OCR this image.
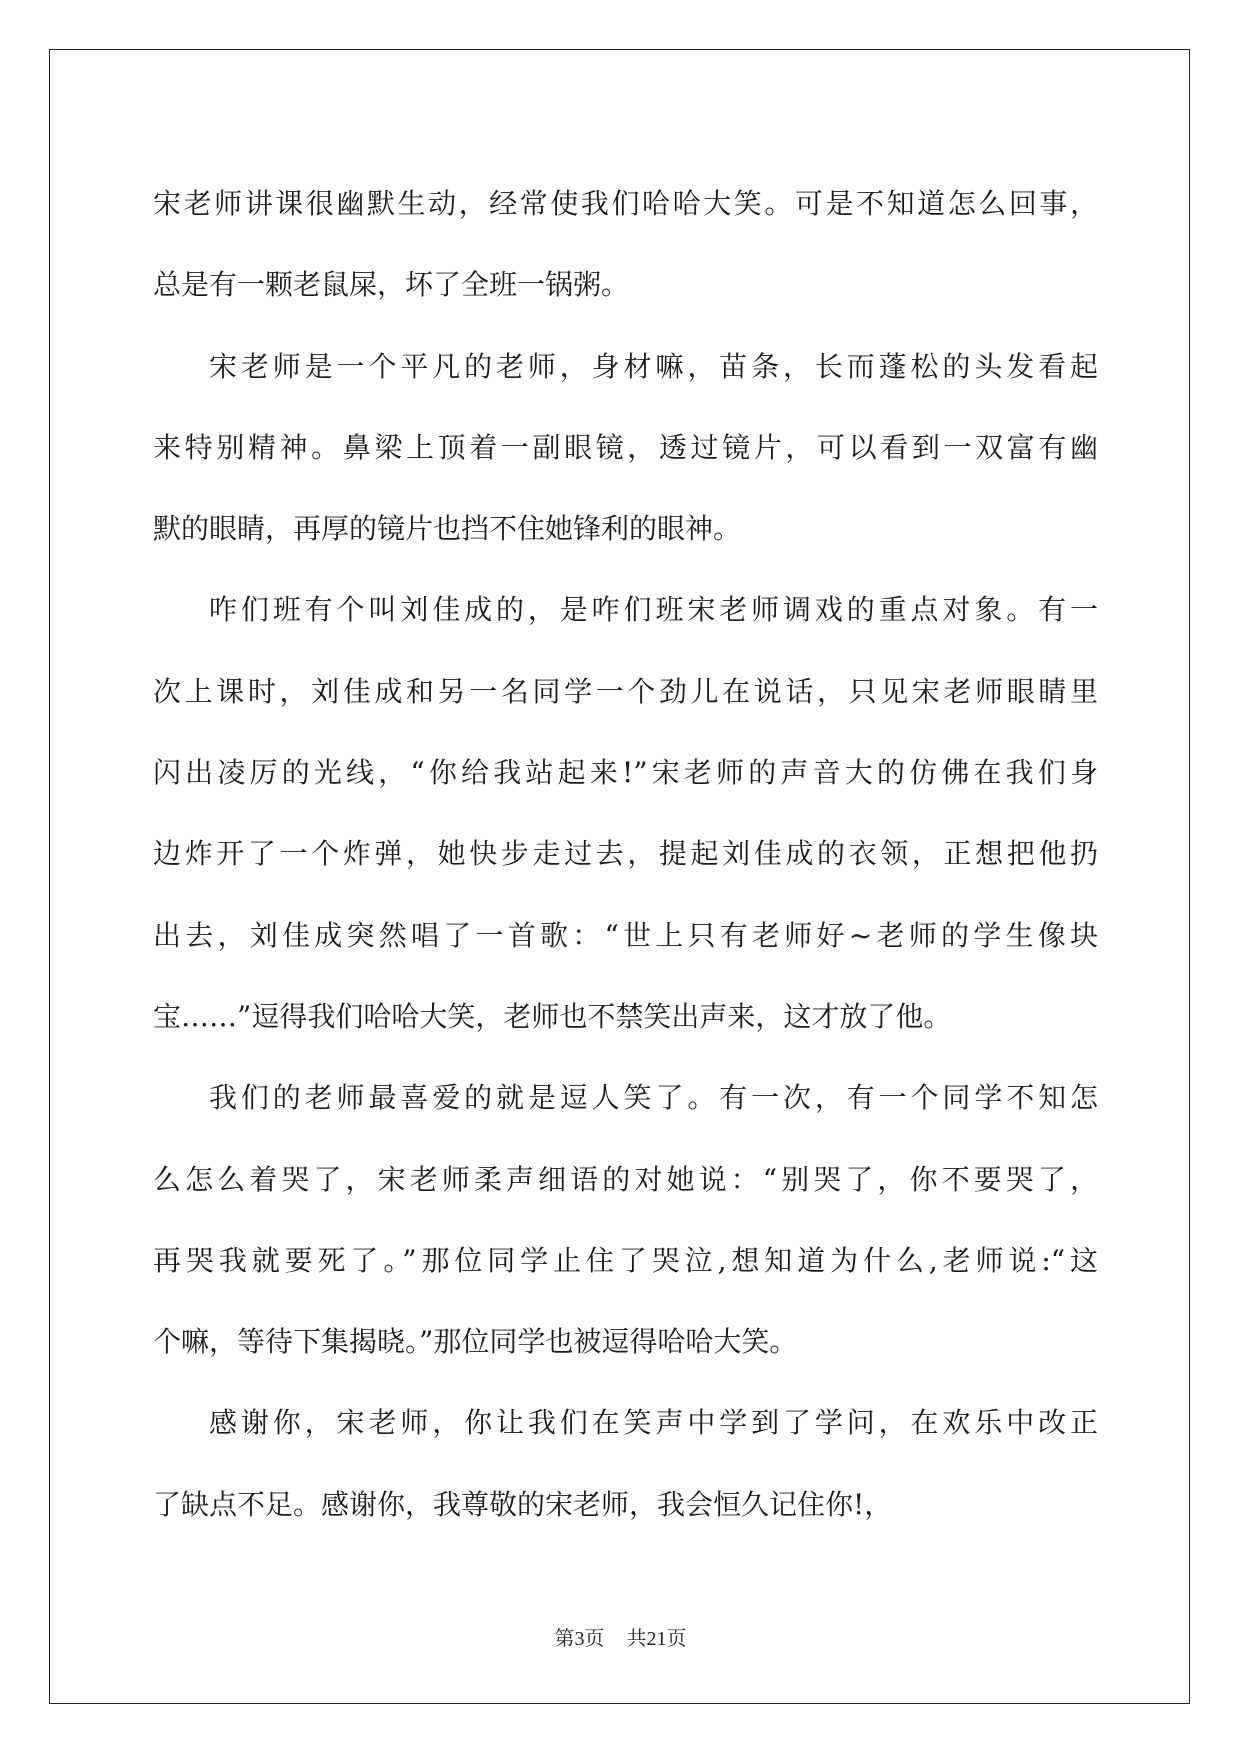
宋老师讲课很幽默生动，经常使我们哈哈大笑。可是不知道怎么回事，
总是有一颗老鼠屎，坏了全班一锅粥。
宋老师是一个平凡的老师，身材嘛，苗条，长而蓬松的头发看起
来特别精神。鼻梁上顶着一副眼镜，透过镜片，可以看到一双富有幽
默的眼睛，再厚的镜片也挡不住她锋利的眼神。
咋们班有个叫刘佳成的，是咋们班宋老师调戏的重点对象。有一
次上课时，刘佳成和另一名同学一个劲儿在说话，只见宋老师眼睛里
闪出凌厉的光线，“你给我站起来!”宋老师的声音大的仿佛在我们身
边炸开了一个炸弹，她快步走过去，提起刘佳成的衣领，正想把他扔
出去，刘佳成突然唱了一首歌：“世上只有老师好~老师的学生像块
宝……”逗得我们哈哈大笑，老师也不禁笑出声来，这才放了他。
我们的老师最喜爱的就是逗人笑了。有一次，有一个同学不知怎
么怎么着哭了，宋老师柔声细语的对她说：“别哭了，你不要哭了，
再哭我就要死了。”那位同学止住了哭泣,想知道为什么,老师说:“这
个嘛，等待下集揭晓。”那位同学也被逗得哈哈大笑。
感谢你，宋老师，你让我们在笑声中学到了学问，在欢乐中改正
了缺点不足。感谢你，我尊敬的宋老师，我会恒久记住你!，
第3页 共21页
